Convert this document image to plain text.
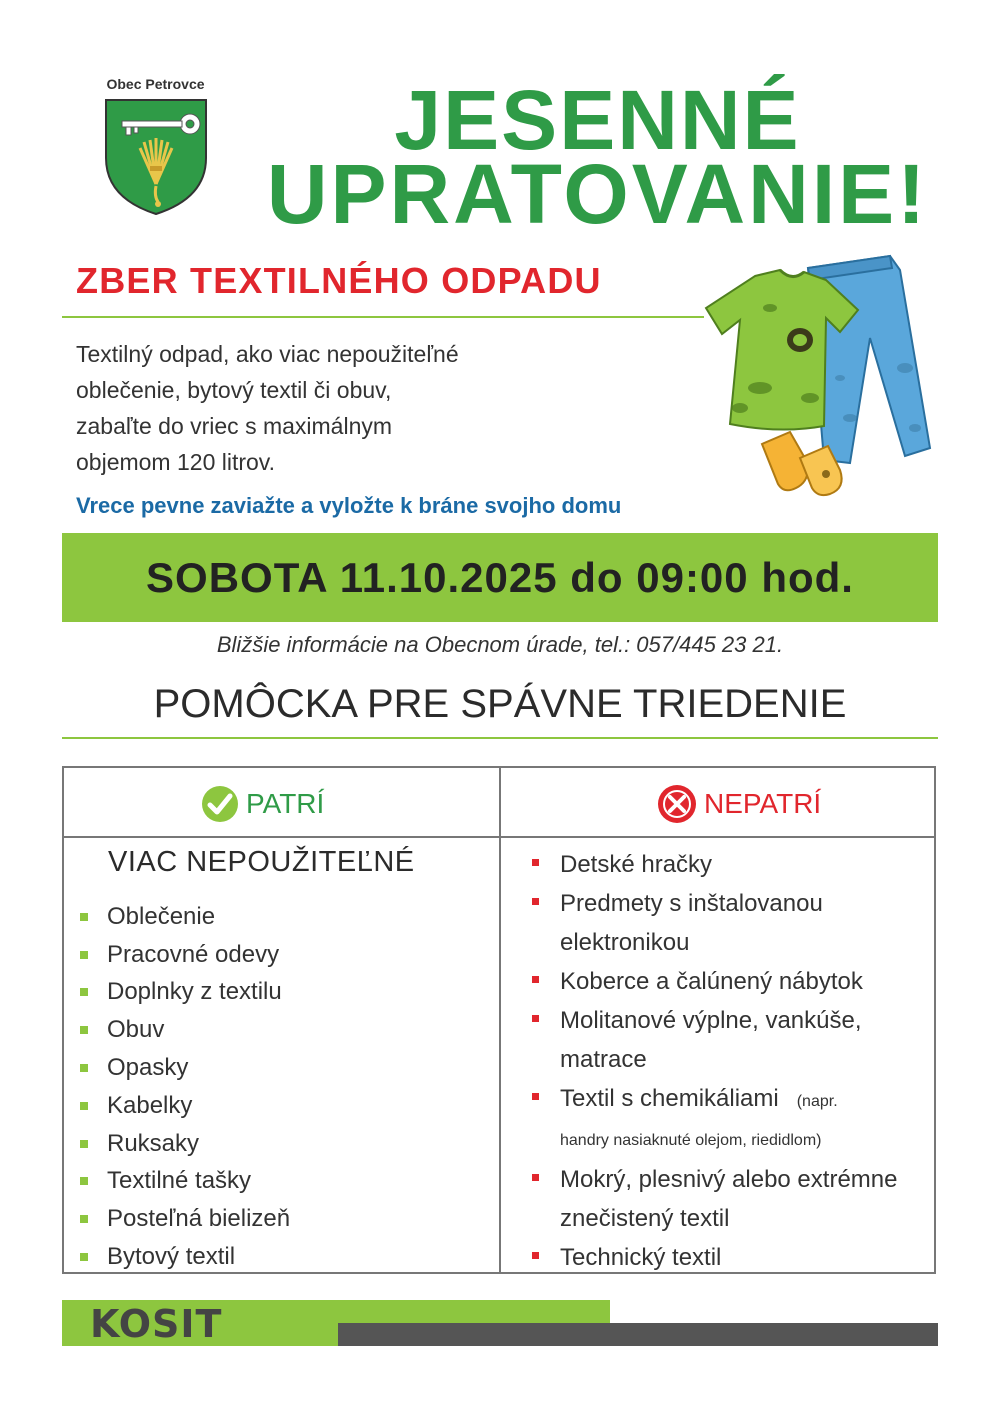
Obec Petrovce	JESENNÉ
UPRATOVANIE!
ZBER TEXTILNÉHO ODPADU
Textilný odpad, ako viac nepoužiteľné
oblečenie, bytový textil či obuv,
zabaľte do vriec s maximálnym
objemom 120 litrov.
Vrecе pevne zaviažte a vyložte k bráne svojho domu
SOBOTA 11.10.2025 do 09:00 hod.
Bližšie informácie na Obecnom úrade, tel.: 057/445 23 21.
POMÔCKA PRE SPÁVNE TRIEDENIE
PATRÍ	NEPATRÍ
VIAC NEPOUŽITEĽNÉ
Oblečenie
Pracovné odevy
Doplnky z textilu
Obuv
Opasky
Kabelky
Ruksaky
Textilné tašky
Posteľná bielizeň
Bytový textil
Detské hračky
Predmety s inštalovanou elektronikou
Koberce a čalúnený nábytok
Molitanové výplne, vankúše, matrace
Textil s chemikáliami (napr.
handry nasiaknuté olejom, riedidlom)
Mokrý, plesnivý alebo extrémne znečistený textil
Technický textil
KOSIT
